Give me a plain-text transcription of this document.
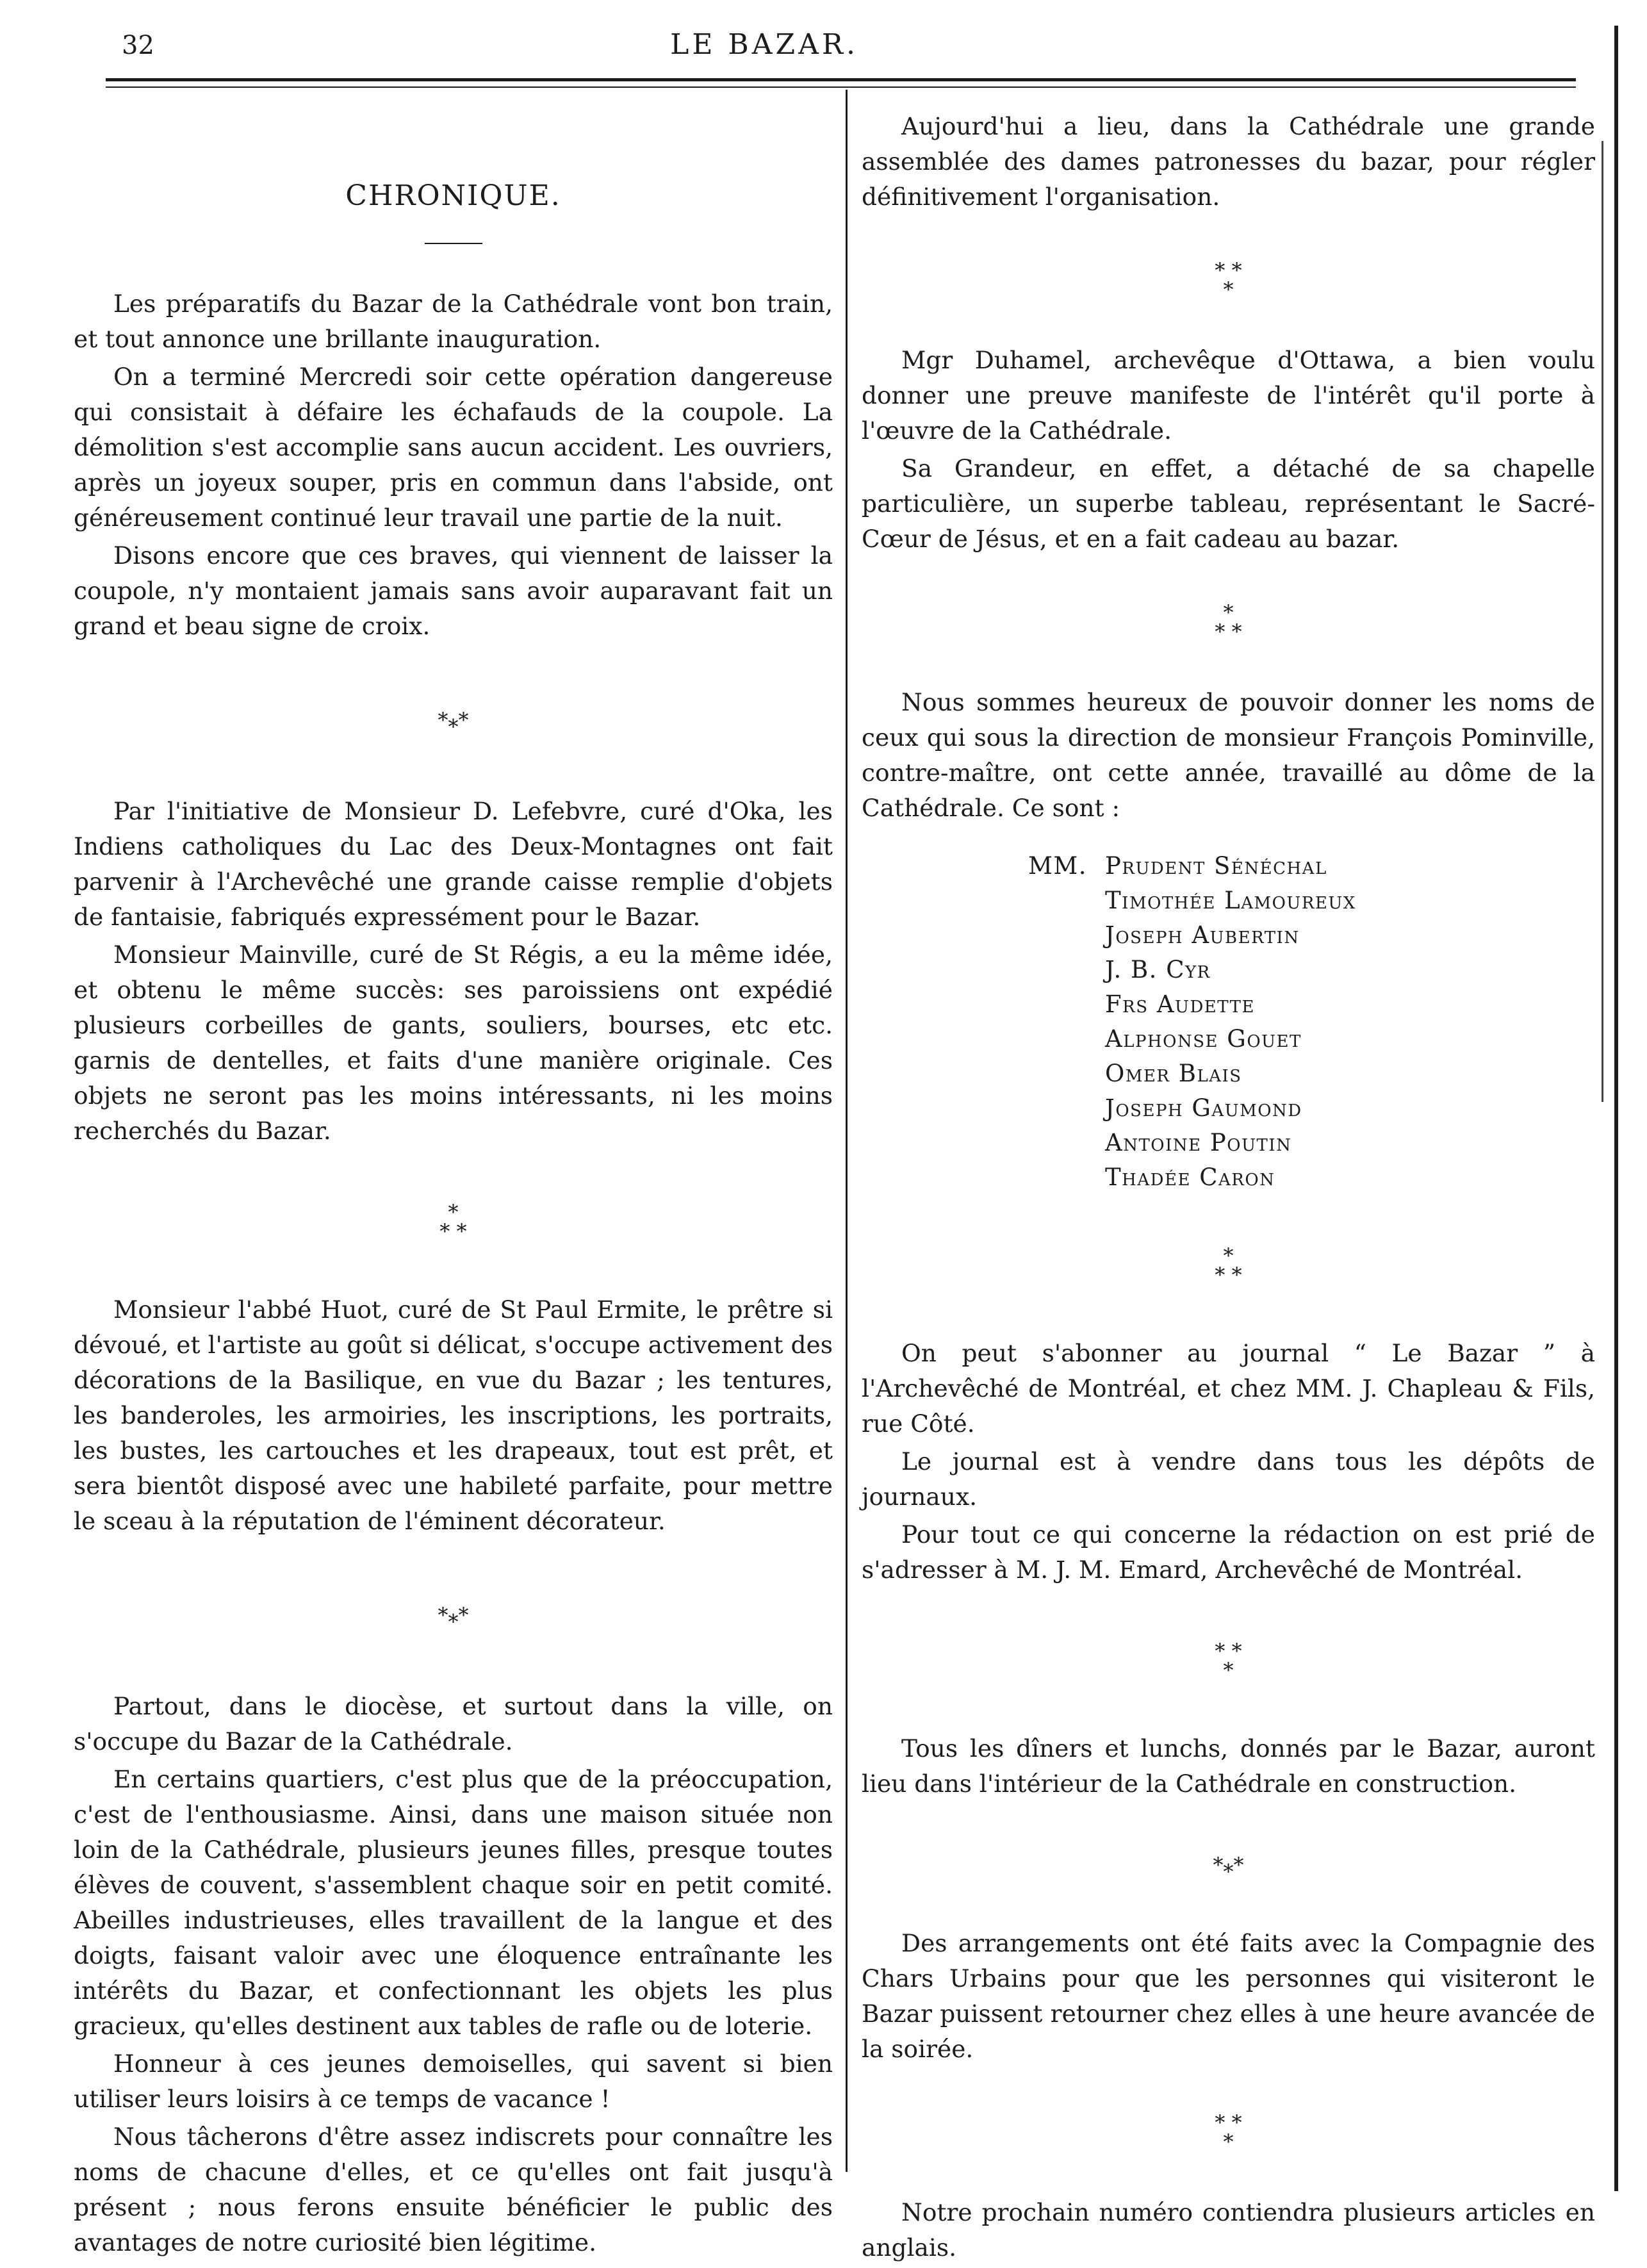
32	LE BAZAR.
CHRONIQUE.

Les préparatifs du Bazar de la Cathédrale vont bon train, et tout annonce une brillante inauguration.

On a terminé Mercredi soir cette opération dangereuse qui consistait à défaire les échafauds de la coupole. La démolition s'est accomplie sans aucun accident. Les ouvriers, après un joyeux souper, pris en commun dans l'abside, ont généreusement continué leur travail une partie de la nuit.

Disons encore que ces braves, qui viennent de laisser la coupole, n'y montaient jamais sans avoir auparavant fait un grand et beau signe de croix.

*⁎*

Par l'initiative de Monsieur D. Lefebvre, curé d'Oka, les Indiens catholiques du Lac des Deux-Montagnes ont fait parvenir à l'Archevêché une grande caisse remplie d'objets de fantaisie, fabriqués expressément pour le Bazar.

Monsieur Mainville, curé de St Régis, a eu la même idée, et obtenu le même succès: ses paroissiens ont expédié plusieurs corbeilles de gants, souliers, bourses, etc etc. garnis de dentelles, et faits d'une manière originale. Ces objets ne seront pas les moins intéressants, ni les moins recherchés du Bazar.

*
* *

Monsieur l'abbé Huot, curé de St Paul Ermite, le prêtre si dévoué, et l'artiste au goût si délicat, s'occupe activement des décorations de la Basilique, en vue du Bazar ; les tentures, les banderoles, les armoiries, les inscriptions, les portraits, les bustes, les cartouches et les drapeaux, tout est prêt, et sera bientôt disposé avec une habileté parfaite, pour mettre le sceau à la réputation de l'éminent décorateur.

*⁎*

Partout, dans le diocèse, et surtout dans la ville, on s'occupe du Bazar de la Cathédrale.

En certains quartiers, c'est plus que de la préoccupation, c'est de l'enthousiasme. Ainsi, dans une maison située non loin de la Cathédrale, plusieurs jeunes filles, presque toutes élèves de couvent, s'assemblent chaque soir en petit comité. Abeilles industrieuses, elles travaillent de la langue et des doigts, faisant valoir avec une éloquence entraînante les intérêts du Bazar, et confectionnant les objets les plus gracieux, qu'elles destinent aux tables de rafle ou de loterie.

Honneur à ces jeunes demoiselles, qui savent si bien utiliser leurs loisirs à ce temps de vacance !

Nous tâcherons d'être assez indiscrets pour connaître les noms de chacune d'elles, et ce qu'elles ont fait jusqu'à présent ; nous ferons ensuite bénéficier le public des avantages de notre curiosité bien légitime.

Aujourd'hui a lieu, dans la Cathédrale une grande assemblée des dames patronesses du bazar, pour régler définitivement l'organisation.

* *
*

Mgr Duhamel, archevêque d'Ottawa, a bien voulu donner une preuve manifeste de l'intérêt qu'il porte à l'œuvre de la Cathédrale.

Sa Grandeur, en effet, a détaché de sa chapelle particulière, un superbe tableau, représentant le Sacré-Cœur de Jésus, et en a fait cadeau au bazar.

*
* *

Nous sommes heureux de pouvoir donner les noms de ceux qui sous la direction de monsieur François Pominville, contre-maître, ont cette année, travaillé au dôme de la Cathédrale. Ce sont :

MM. Prudent Sénéchal
Timothée Lamoureux
Joseph Aubertin
J. B. Cyr
Frs Audette
Alphonse Gouet
Omer Blais
Joseph Gaumond
Antoine Poutin
Thadée Caron
*
* *

On peut s'abonner au journal “ Le Bazar ” à l'Archevêché de Montréal, et chez MM. J. Chapleau & Fils, rue Côté.

Le journal est à vendre dans tous les dépôts de journaux.

Pour tout ce qui concerne la rédaction on est prié de s'adresser à M. J. M. Emard, Archevêché de Montréal.

* *
*

Tous les dîners et lunchs, donnés par le Bazar, auront lieu dans l'intérieur de la Cathédrale en construction.

*⁎*

Des arrangements ont été faits avec la Compagnie des Chars Urbains pour que les personnes qui visiteront le Bazar puissent retourner chez elles à une heure avancée de la soirée.

* *
*

Notre prochain numéro contiendra plusieurs articles en anglais.
